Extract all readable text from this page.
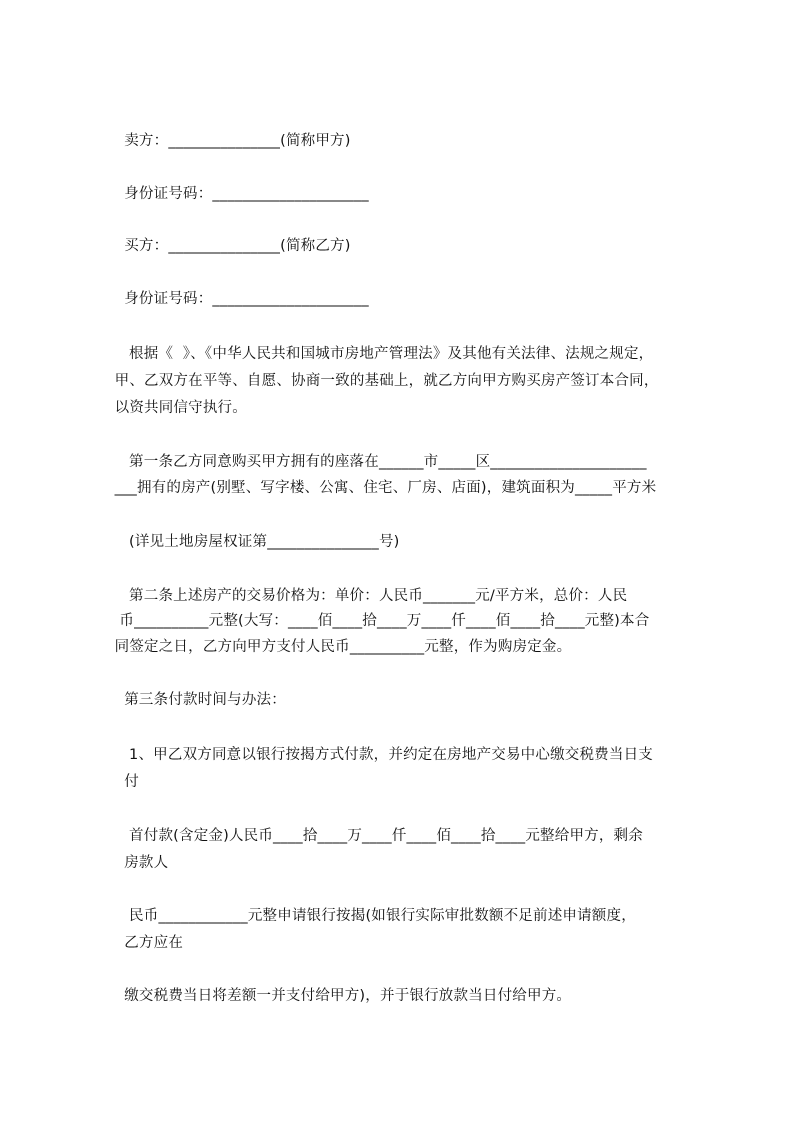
卖方：_______________(简称甲方)
身份证号码：_____________________
买方：_______________(简称乙方)
身份证号码：_____________________
根据《  》、《中华人民共和国城市房地产管理法》及其他有关法律、法规之规定，
甲、乙双方在平等、自愿、协商一致的基础上，就乙方向甲方购买房产签订本合同，
以资共同信守执行。
第一条乙方同意购买甲方拥有的座落在______市_____区_____________________
___拥有的房产(别墅、写字楼、公寓、住宅、厂房、店面)，建筑面积为_____平方米
(详见土地房屋权证第_______________号)
第二条上述房产的交易价格为：单价：人民币_______元/平方米，总价：人民
币__________元整(大写：____佰____拾____万____仟____佰____拾____元整)本合
同签定之日，乙方向甲方支付人民币__________元整，作为购房定金。
第三条付款时间与办法：
1、甲乙双方同意以银行按揭方式付款，并约定在房地产交易中心缴交税费当日支
付
首付款(含定金)人民币____拾____万____仟____佰____拾____元整给甲方，剩余
房款人
民币____________元整申请银行按揭(如银行实际审批数额不足前述申请额度，
乙方应在
缴交税费当日将差额一并支付给甲方)，并于银行放款当日付给甲方。
